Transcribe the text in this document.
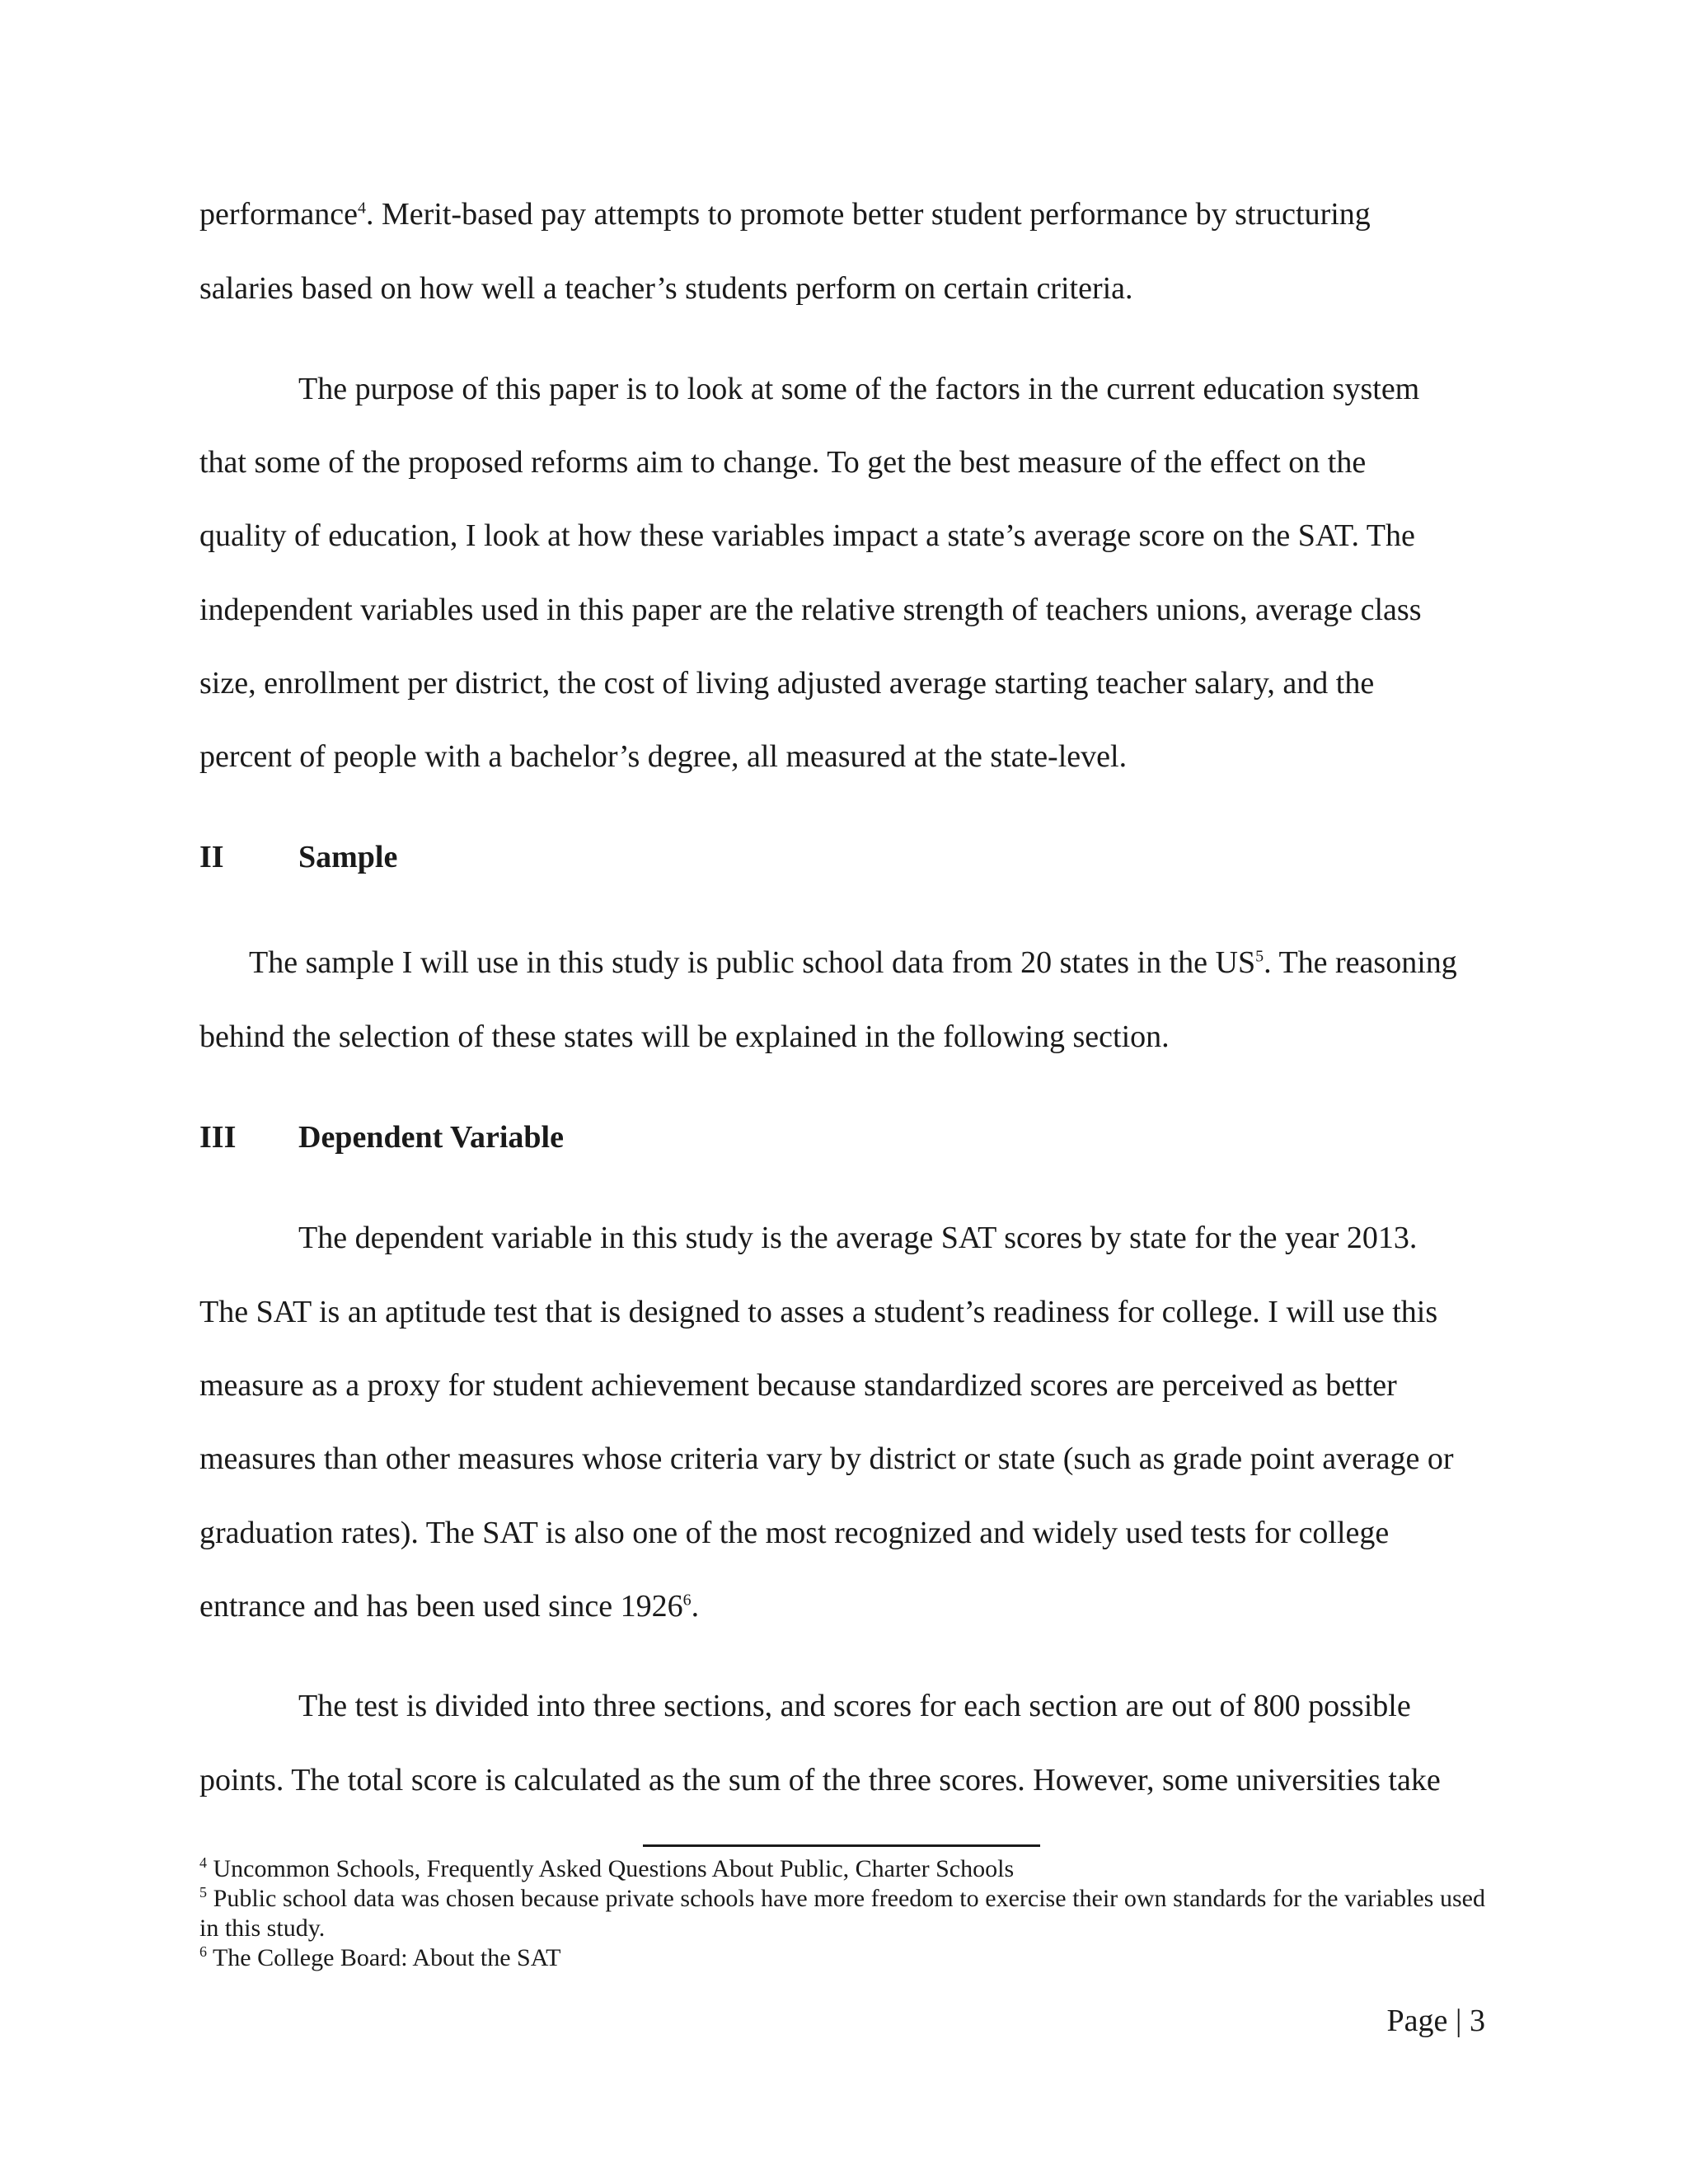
performance$^4$. Merit-based pay attempts to promote better student performance by structuring
salaries based on how well a teacher’s students perform on certain criteria.
The purpose of this paper is to look at some of the factors in the current education system
that some of the proposed reforms aim to change. To get the best measure of the effect on the
quality of education, I look at how these variables impact a state’s average score on the SAT. The
independent variables used in this paper are the relative strength of teachers unions, average class
size, enrollment per district, the cost of living adjusted average starting teacher salary, and the
percent of people with a bachelor’s degree, all measured at the state-level.
II Sample
The sample I will use in this study is public school data from 20 states in the $US^5$. The reasoning
behind the selection of these states will be explained in the following section.
III Dependent Variable
The dependent variable in this study is the average SAT scores by state for the year 2013.
The SAT is an aptitude test that is designed to asses a student’s readiness for college. I will use this
measure as a proxy for student achievement because standardized scores are perceived as better
measures than other measures whose criteria vary by district or state (such as grade point average or
graduation rates). The SAT is also one of the most recognized and widely used tests for college
entrance and has been used since 1926$^6$.
The test is divided into three sections, and scores for each section are out of 800 possible
points. The total score is calculated as the sum of the three scores. However, some universities take
$^4$ Uncommon Schools, Frequently Asked Questions About Public, Charter Schools
$^5$ Public school data was chosen because private schools have more freedom to exercise their own standards for the variables used in this study.
$^6$ The College Board: About the SAT
Page | 3
